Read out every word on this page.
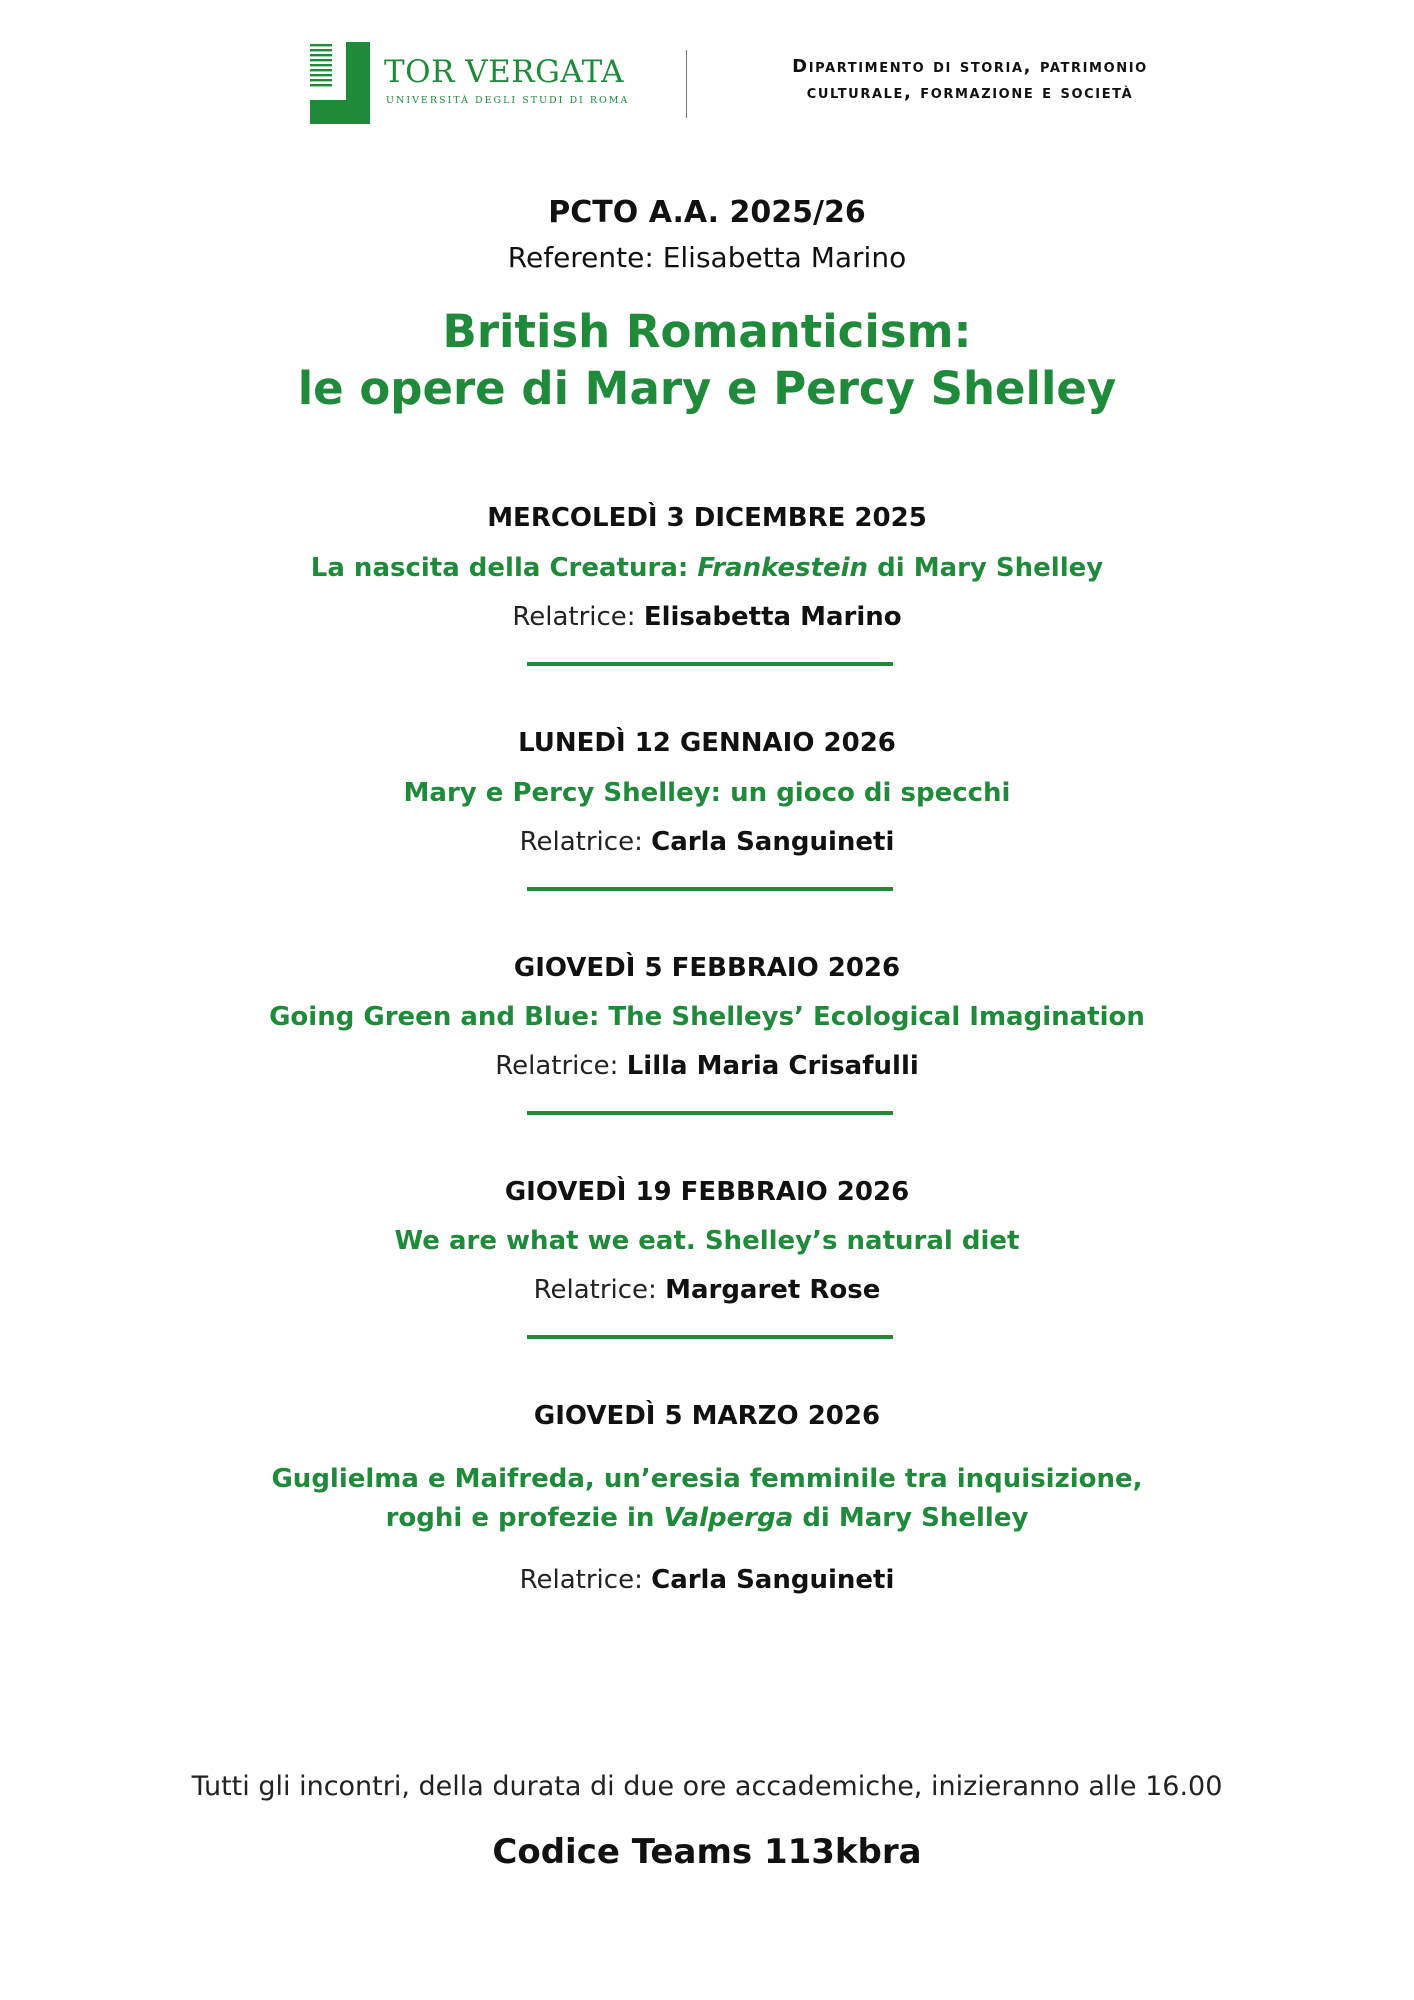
TOR VERGATA
UNIVERSITÀ DEGLI STUDI DI ROMA
Dipartimento di storia, patrimonio
culturale, formazione e società
PCTO A.A. 2025/26
Referente: Elisabetta Marino
British Romanticism:
le opere di Mary e Percy Shelley
MERCOLEDÌ 3 DICEMBRE 2025
La nascita della Creatura: Frankestein di Mary Shelley
Relatrice: Elisabetta Marino
LUNEDÌ 12 GENNAIO 2026
Mary e Percy Shelley: un gioco di specchi
Relatrice: Carla Sanguineti
GIOVEDÌ 5 FEBBRAIO 2026
Going Green and Blue: The Shelleys’ Ecological Imagination
Relatrice: Lilla Maria Crisafulli
GIOVEDÌ 19 FEBBRAIO 2026
We are what we eat. Shelley’s natural diet
Relatrice: Margaret Rose
GIOVEDÌ 5 MARZO 2026
Guglielma e Maifreda, un’eresia femminile tra inquisizione,
roghi e profezie in Valperga di Mary Shelley
Relatrice: Carla Sanguineti
Tutti gli incontri, della durata di due ore accademiche, inizieranno alle 16.00
Codice Teams 113kbra
